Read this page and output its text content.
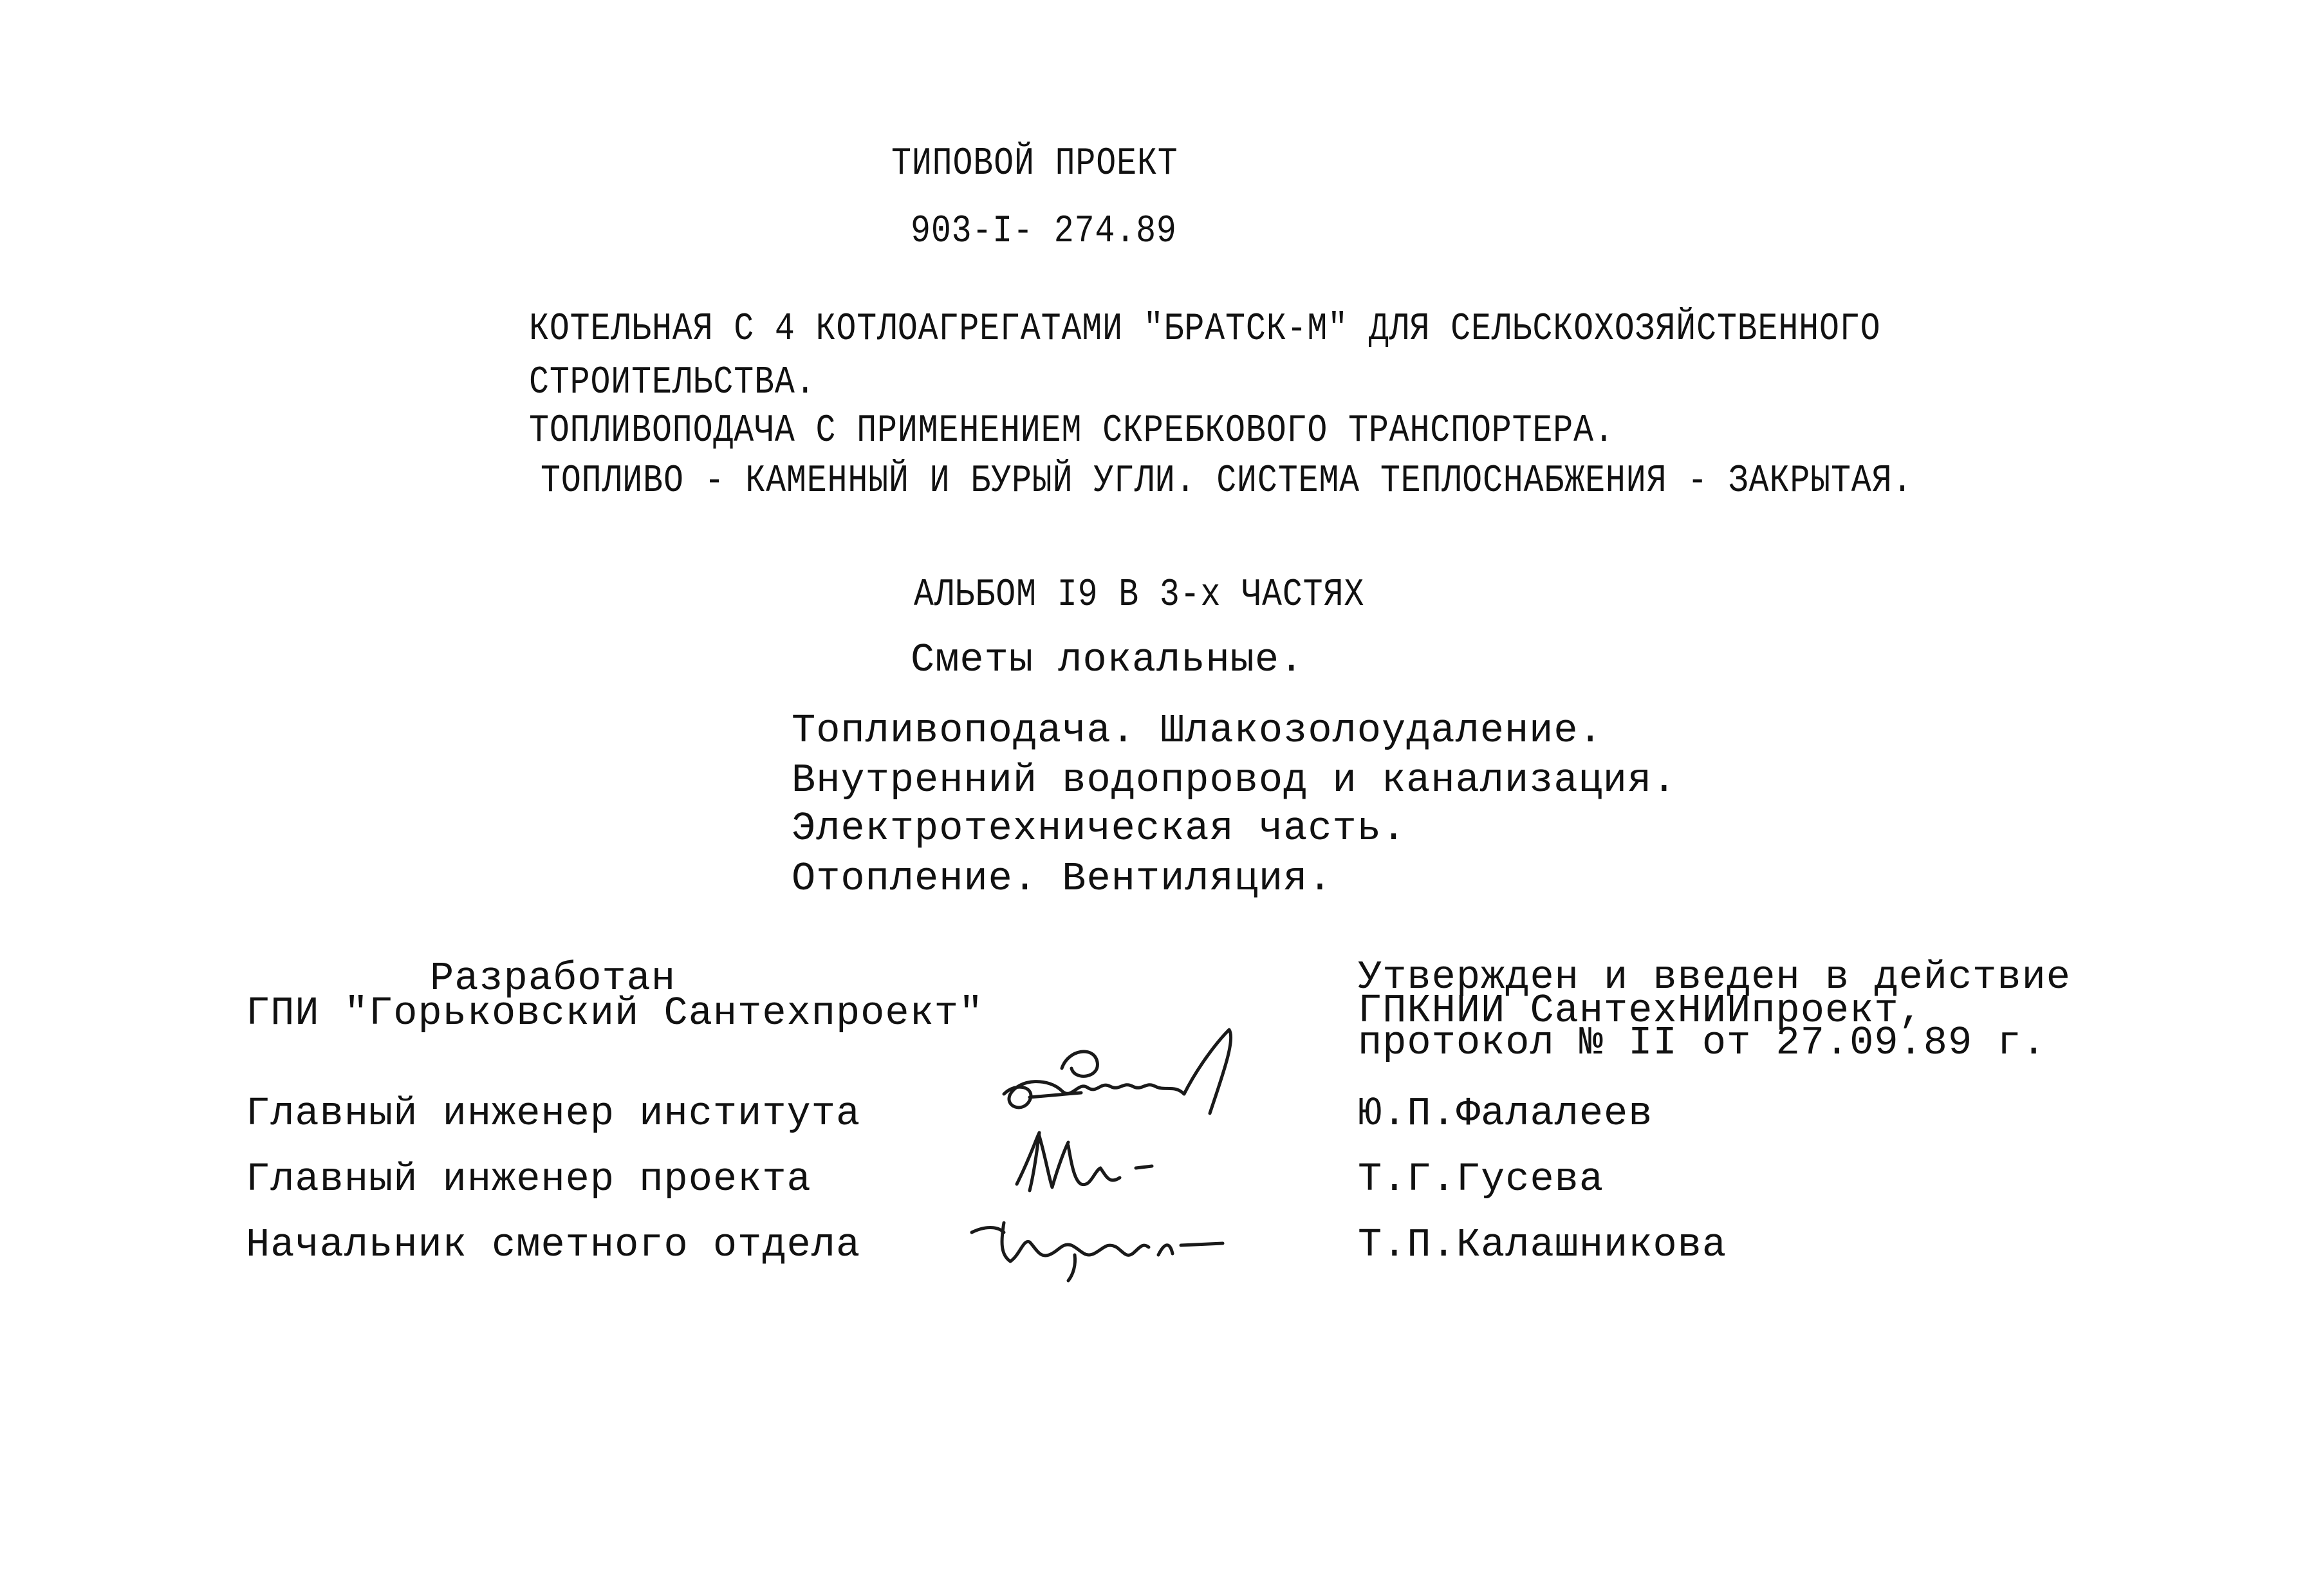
ТИПОВОЙ ПРОЕКТ
903-I- 274.89
КОТЕЛЬНАЯ С 4 КОТЛОАГРЕГАТАМИ "БРАТСК-М" ДЛЯ СЕЛЬСКОХОЗЯЙСТВЕННОГО
СТРОИТЕЛЬСТВА.
ТОПЛИВОПОДАЧА С ПРИМЕНЕНИЕМ СКРЕБКОВОГО ТРАНСПОРТЕРА.
ТОПЛИВО - КАМЕННЫЙ И БУРЫЙ УГЛИ. СИСТЕМА ТЕПЛОСНАБЖЕНИЯ - ЗАКРЫТАЯ.
АЛЬБОМ I9 В 3-х ЧАСТЯХ
Сметы локальные.
Топливоподача. Шлакозолоудаление.
Внутренний водопровод и канализация.
Электротехническая часть.
Отопление. Вентиляция.
Разработан
ГПИ "Горьковский Сантехпроект"
Утвержден и введен в действие
ГПКНИИ СантехНИИпроект,
протокол № II от 27.09.89 г.
Главный инженер института
Главный инженер проекта
Начальник сметного отдела
Ю.П.Фалалеев
Т.Г.Гусева
Т.П.Калашникова
